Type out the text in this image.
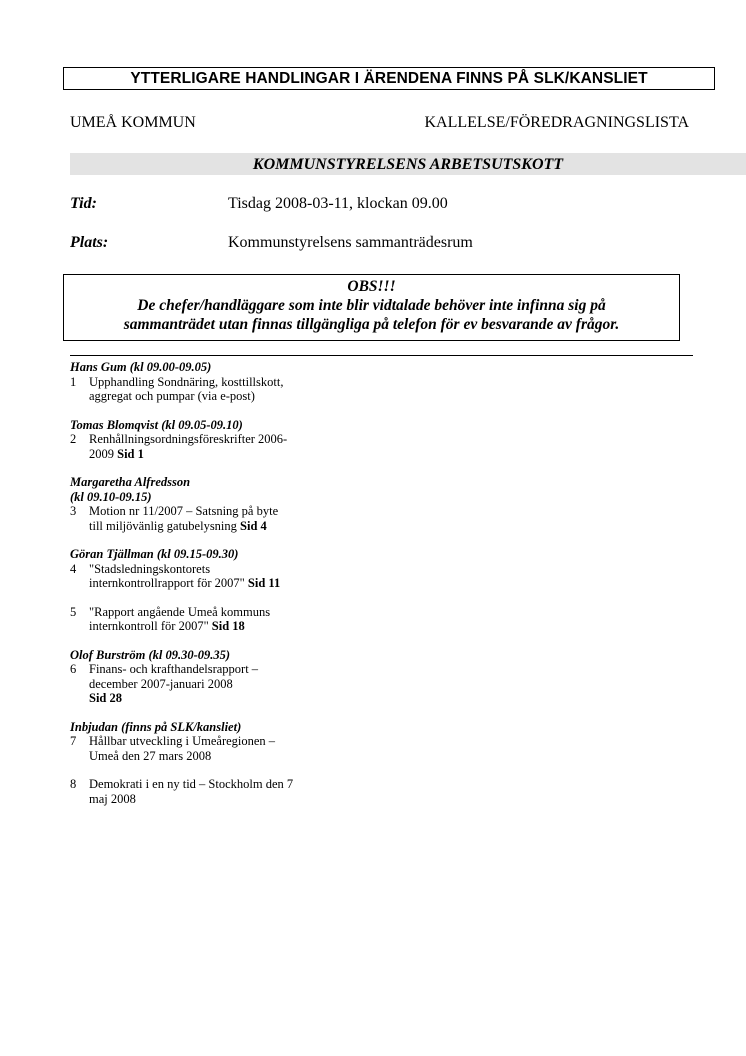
YTTERLIGARE HANDLINGAR I ÄRENDENA FINNS PÅ SLK/KANSLIET
UMEÅ KOMMUN	KALLELSE/FÖREDRAGNINGSLISTA
KOMMUNSTYRELSENS ARBETSUTSKOTT
Tid:	Tisdag 2008-03-11, klockan 09.00
Plats:	Kommunstyrelsens sammanträdesrum
OBS!!!
De chefer/handläggare som inte blir vidtalade behöver inte infinna sig på
sammanträdet utan finnas tillgängliga på telefon för ev besvarande av frågor.
Hans Gum (kl 09.00-09.05)
1 Upphandling Sondnäring, kosttillskott,
aggregat och pumpar (via e-post)
Tomas Blomqvist (kl 09.05-09.10)
2 Renhållningsordningsföreskrifter 2006-
2009 Sid 1
Margaretha Alfredsson
(kl 09.10-09.15)
3 Motion nr 11/2007 – Satsning på byte
till miljövänlig gatubelysning Sid 4
Göran Tjällman (kl 09.15-09.30)
4 "Stadsledningskontorets
internkontrollrapport för 2007" Sid 11
5 "Rapport angående Umeå kommuns
internkontroll för 2007" Sid 18
Olof Burström (kl 09.30-09.35)
6 Finans- och krafthandelsrapport –
december 2007-januari 2008
Sid 28
Inbjudan (finns på SLK/kansliet)
7 Hållbar utveckling i Umeåregionen –
Umeå den 27 mars 2008
8 Demokrati i en ny tid – Stockholm den 7
maj 2008
